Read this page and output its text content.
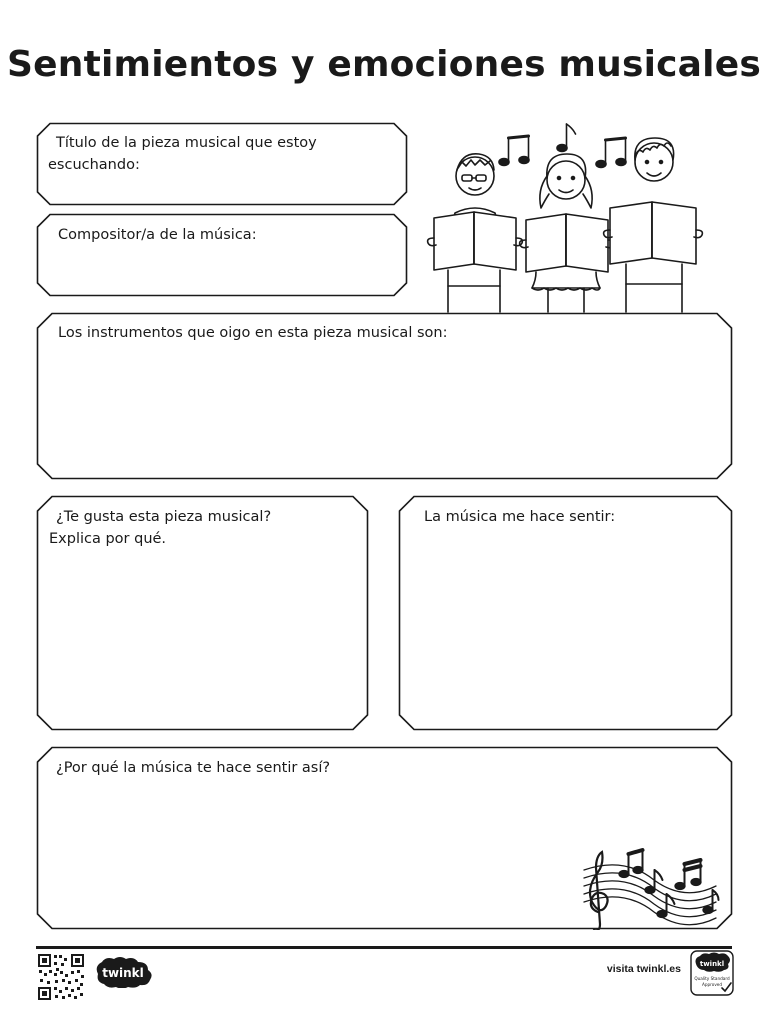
Sentimientos y emociones musicales
Título de la pieza musical que estoy
escuchando:
Compositor/a de la música:
Los instrumentos que oigo en esta pieza musical son:
¿Te gusta esta pieza musical?
Explica por qué.
La música me hace sentir:
¿Por qué la música te hace sentir así?
twinkl	visita twinkl.es	twinkl
Quality Standard
Approved
